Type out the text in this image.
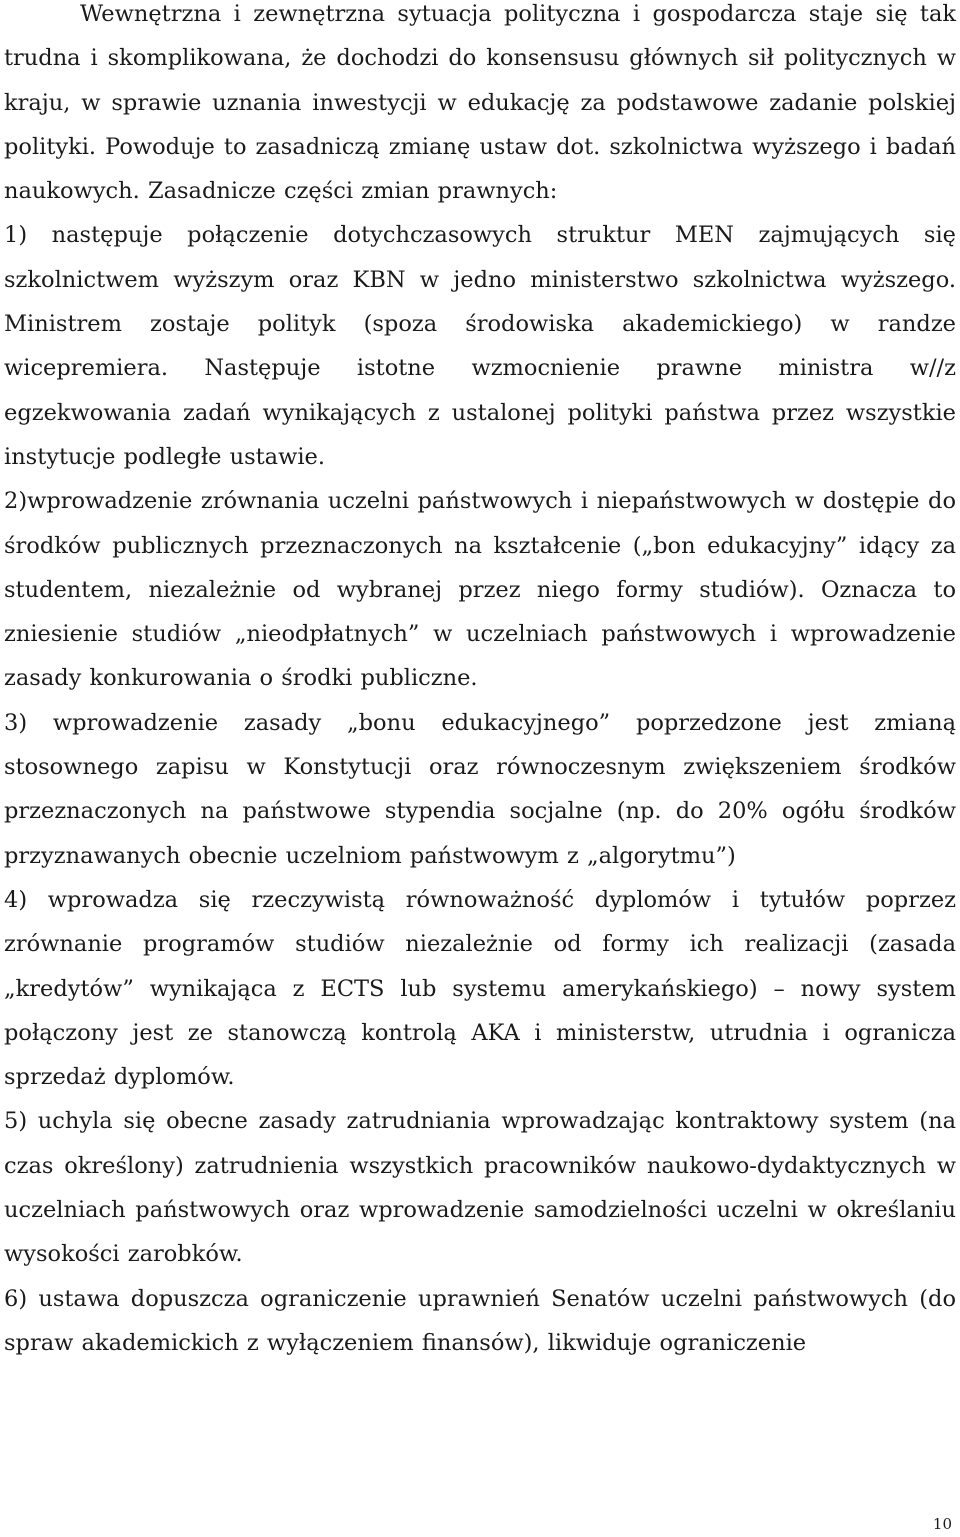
Wewnętrzna i zewnętrzna sytuacja polityczna i gospodarcza staje się tak trudna i skomplikowana, że dochodzi do konsensusu głównych sił politycznych w kraju, w sprawie uznania inwestycji w edukację za podstawowe zadanie polskiej polityki. Powoduje to zasadniczą zmianę ustaw dot. szkolnictwa wyższego i badań naukowych. Zasadnicze części zmian prawnych:

1) następuje połączenie dotychczasowych struktur MEN zajmujących się szkolnictwem wyższym oraz KBN w jedno ministerstwo szkolnictwa wyższego. Ministrem zostaje polityk (spoza środowiska akademickiego) w randze wicepremiera. Następuje istotne wzmocnienie prawne ministra w//z egzekwowania zadań wynikających z ustalonej polityki państwa przez wszystkie instytucje podległe ustawie.

2)wprowadzenie zrównania uczelni państwowych i niepaństwowych w dostępie do środków publicznych przeznaczonych na kształcenie („bon edukacyjny” idący za studentem, niezależnie od wybranej przez niego formy studiów). Oznacza to zniesienie studiów „nieodpłatnych” w uczelniach państwowych i wprowadzenie zasady konkurowania o środki publiczne.

3) wprowadzenie zasady „bonu edukacyjnego” poprzedzone jest zmianą stosownego zapisu w Konstytucji oraz równoczesnym zwiększeniem środków przeznaczonych na państwowe stypendia socjalne (np. do 20% ogółu środków przyznawanych obecnie uczelniom państwowym z „algorytmu”)

4) wprowadza się rzeczywistą równoważność dyplomów i tytułów poprzez zrównanie programów studiów niezależnie od formy ich realizacji (zasada „kredytów” wynikająca z ECTS lub systemu amerykańskiego) – nowy system połączony jest ze stanowczą kontrolą AKA i ministerstw, utrudnia i ogranicza sprzedaż dyplomów.

5) uchyla się obecne zasady zatrudniania wprowadzając kontraktowy system (na czas określony) zatrudnienia wszystkich pracowników naukowo-dydaktycznych w uczelniach państwowych oraz wprowadzenie samodzielności uczelni w określaniu wysokości zarobków.

6) ustawa dopuszcza ograniczenie uprawnień Senatów uczelni państwowych (do spraw akademickich z wyłączeniem finansów), likwiduje ograniczenie

10
